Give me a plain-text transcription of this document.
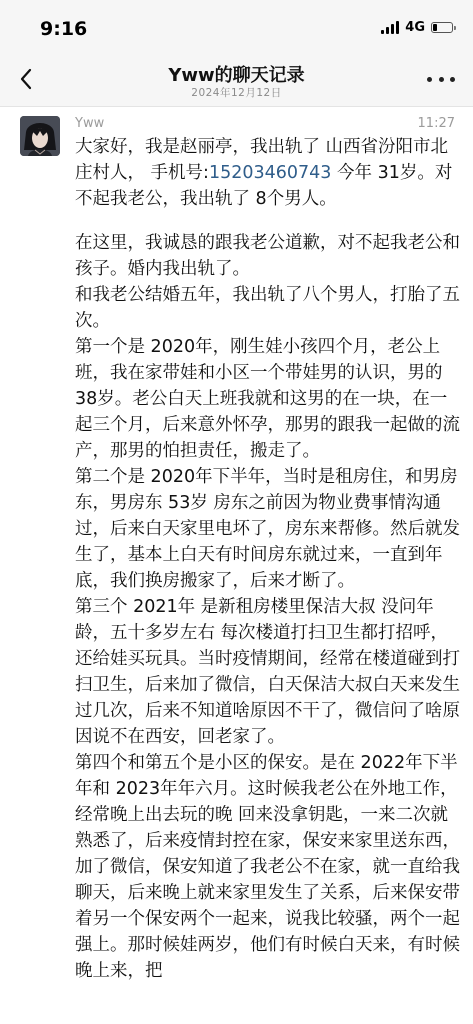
9:16	4G
Yww的聊天记录
2024年12月12日
Yww	11:27

大家好，我是赵丽亭，我出轨了 山西省汾阳市北庄村人， 手机号:15203460743 今年 31岁。对不起我老公，我出轨了 8个男人。

在这里，我诚恳的跟我老公道歉，对不起我老公和孩子。婚内我出轨了。

和我老公结婚五年，我出轨了八个男人，打胎了五次。

第一个是 2020年，刚生娃小孩四个月，老公上班，我在家带娃和小区一个带娃男的认识，男的 38岁。老公白天上班我就和这男的在一块，在一起三个月，后来意外怀孕，那男的跟我一起做的流产，那男的怕担责任，搬走了。

第二个是 2020年下半年，当时是租房住，和男房东，男房东 53岁 房东之前因为物业费事情沟通过，后来白天家里电坏了，房东来帮修。然后就发生了，基本上白天有时间房东就过来，一直到年底，我们换房搬家了，后来才断了。

第三个 2021年 是新租房楼里保洁大叔 没问年龄，五十多岁左右 每次楼道打扫卫生都打招呼，还给娃买玩具。当时疫情期间，经常在楼道碰到打扫卫生，后来加了微信，白天保洁大叔白天来发生过几次，后来不知道啥原因不干了，微信问了啥原因说不在西安，回老家了。

第四个和第五个是小区的保安。是在 2022年下半年和 2023年年六月。这时候我老公在外地工作，经常晚上出去玩的晚 回来没拿钥匙，一来二次就熟悉了，后来疫情封控在家，保安来家里送东西，加了微信，保安知道了我老公不在家，就一直给我聊天，后来晚上就来家里发生了关系，后来保安带着另一个保安两个一起来，说我比较骚，两个一起强上。那时候娃两岁，他们有时候白天来，有时候晚上来，把
